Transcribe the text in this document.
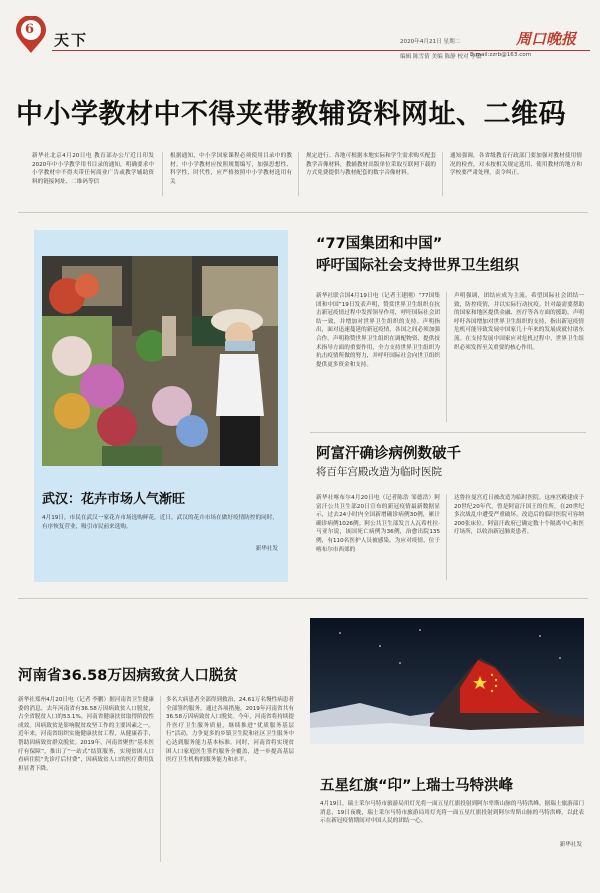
6
天下	2020年4月21日 星期二	周口晚报
编辑 陈雪倩 美编 陈静 校对 李敏
E-mail:zzrb@163.com
中小学教材中不得夹带教辅资料网址、二维码
新华社北京4月20日电 教育部办公厅近日印发2020年中小学教学用书目录的通知，明确要求中小学教材中不得夹带任何商业广告或教学辅助资料的链接网址、二维码等信
根据通知，中小学国家课程必须使用目录中的教材。中小学教材应按照规划编写，加强思想性、科学性、时代性，应严格按照中小学教材选用有关
规定进行。各地可根据本地实际和学生需求购买配套教学音像材料，教辅教材出版单位采取互联网下载的方式免费提供与教材配套的数字音像材料。
通知强调，各省级教育行政部门要加强对教材使用情况的检查，对未按相关规定选用、使用教材的地方和学校要严肃处理，责令纠正。
武汉：花卉市场人气渐旺
4月19日，市民在武汉一家花卉市场选购鲜花。近日，武汉的花卉市场在做好疫情防控的同时，有序恢复营业，吸引市民前来选购。
新华社发
“77国集团和中国”
呼吁国际社会支持世界卫生组织
新华社联合国4月19日电（记者王建刚）“77国集团和中国”19日发表声明，赞赏世界卫生组织在抗击新冠疫情过程中发挥领导作用，呼吁国际社会团结一致，并增加对世界卫生组织的支持。声明指出，面对迅速蔓延的新冠疫情，各国之间必须加强合作。声明称赞世界卫生组织在调配物资、提供技术指导方面的重要作用，全力支持世界卫生组织为抗击疫情所做的努力，并呼吁国际社会向世卫组织提供更多资金和支持。
声明强调，团结应成为主流。希望国际社会团结一致，防控疫情，并以实际行动抗疫。针对最需要帮助的国家和地区提供金融、医疗等各方面的援助。声明呼吁各国增加对世界卫生组织的支持，指出新冠疫情危机可能导致发展中国家几十年来的发展成就付诸东流。在支持发展中国家应对危机过程中，世界卫生组织必须发挥至关重要的核心作用。
阿富汗确诊病例数破千
将百年宫殿改造为临时医院
新华社喀布尔4月20日电（记者陈浩 邹德浩）阿富汗公共卫生部20日宣布的新冠疫情最新数据显示，过去24小时内全国新增确诊病例30例，累计确诊病例1026例。阿公共卫生部发言人瓦希杜拉·马亚尔说，该国死亡病例为36例，治愈出院135例，有110名医护人员被感染。为应对疫情，位于喀布尔市西郊的
达鲁拉曼宫近日被改造为临时医院。这座宫殿建成于20世纪20年代，曾是阿富汗国王的住所，在20世纪多次战乱中遭受严重破坏。改造后的临时医院可容纳200张床位。阿富汗政府已确定数十个隔离中心和医疗场所，以收治新冠肺炎患者。
河南省36.58万因病致贫人口脱贫
新华社郑州4月20日电（记者 李鹏）据河南省卫生健康委的消息，去年河南省有36.58万因病致贫人口脱贫，占全省脱贫人口的53.1%。河南省健康扶贫取得阶段性成效。因病致贫是影响脱贫攻坚工作的主要因素之一。近年来，河南省组织实施健康扶贫工程，从健康着手，帮助因病致贫群众脱贫。2019年，河南省聚焦“基本医疗有保障”，推出了“一站式”结算服务，实现贫困人口看病住院“先诊疗后付费”，因病致贫人口的医疗费用负担显著下降。
多名大病患者全部得到救治，24.61万名慢性病患者全部签约服务。通过各项措施，2019年河南省共有36.58万因病致贫人口脱贫。今年，河南省将持续提升医疗卫生服务质量，继续推进“优质服务基层行”活动，力争更多的乡镇卫生院和社区卫生服务中心达到服务能力基本标准。同时，河南省将实现贫困人口家庭医生签约服务全覆盖，进一步提高基层医疗卫生机构的服务能力和水平。
五星红旗“印”上瑞士马特洪峰
4月19日，瑞士采尔马特市旅游局用灯光将一面五星红旗投射到阿尔卑斯山脉的马特洪峰。据瑞士旅游部门消息，19日夜晚，瑞士采尔马特市旅游局用灯光将一面五星红旗投射到阿尔卑斯山脉的马特洪峰，以此表示在新冠疫情期间对中国人民的团结一心。
新华社发
